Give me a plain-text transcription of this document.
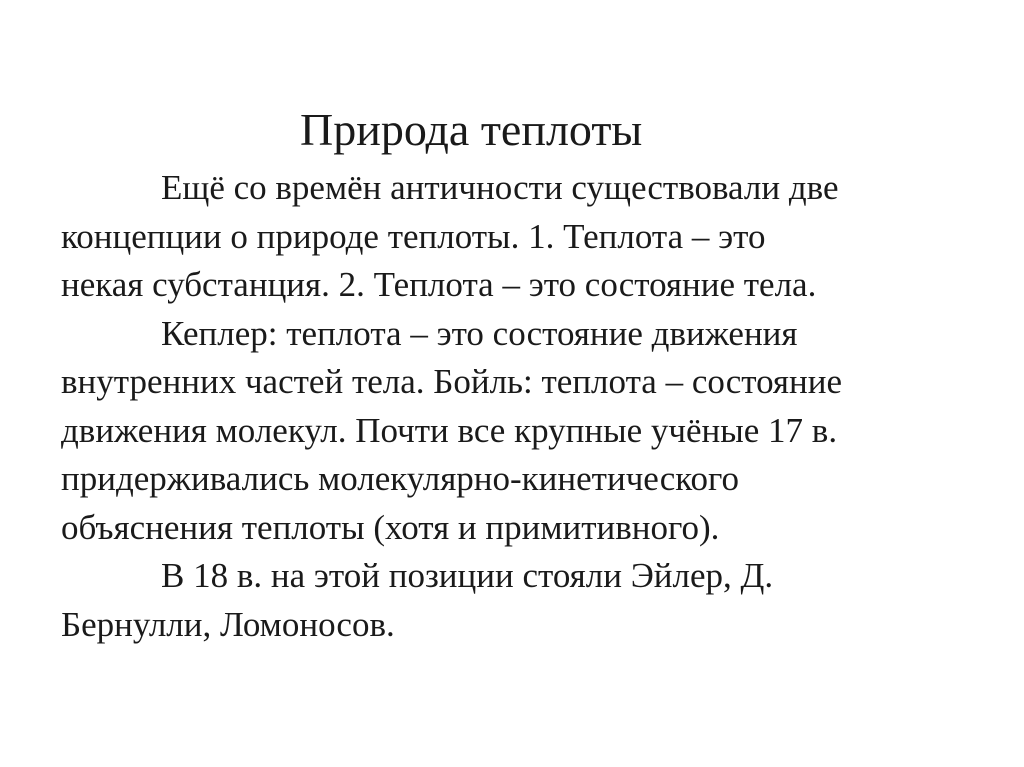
Природа теплоты
Ещё со времён античности существовали две
концепции о природе теплоты. 1. Теплота – это
некая субстанция. 2. Теплота – это состояние тела.
Кеплер: теплота – это состояние движения
внутренних частей тела. Бойль: теплота – состояние
движения молекул. Почти все крупные учёные 17 в.
придерживались молекулярно-кинетического
объяснения теплоты (хотя и примитивного).
В 18 в. на этой позиции стояли Эйлер, Д.
Бернулли, Ломоносов.
